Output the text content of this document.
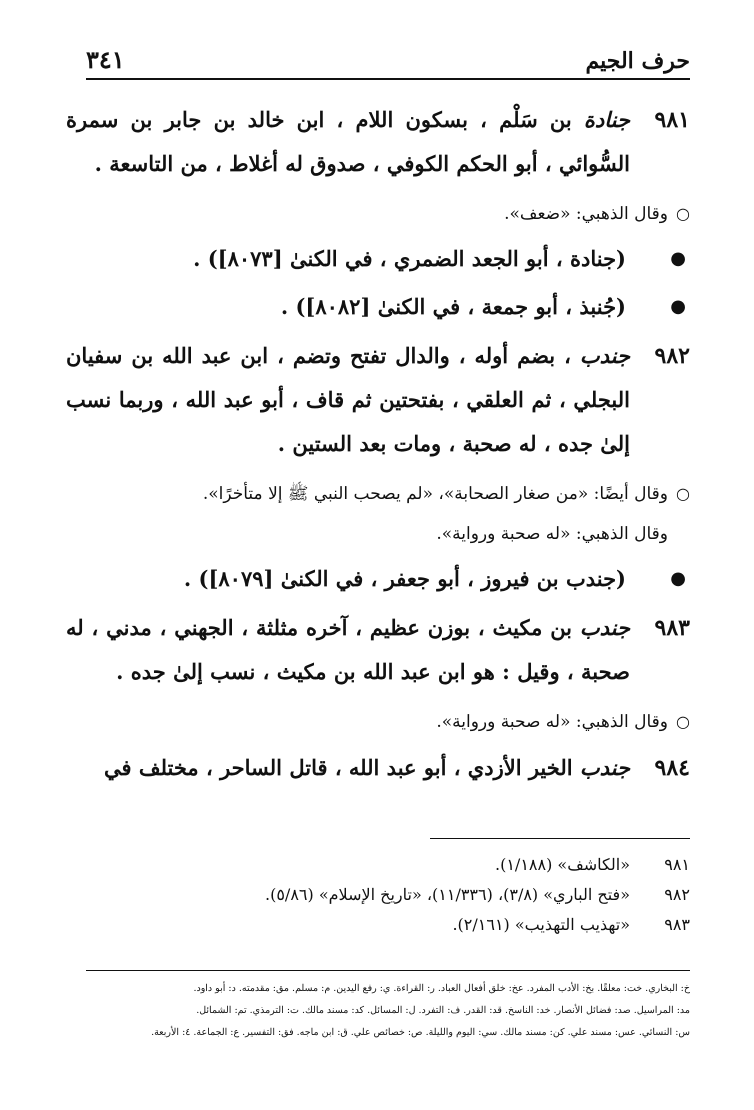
حرف الجيم
٣٤١
٩٨١
جنادة بن سَلْم ، بسكون اللام ، ابن خالد بن جابر بن سمرة السُّوائي ، أبو الحكم الكوفي ، صدوق له أغلاط ، من التاسعة .
○
وقال الذهبي: «ضعف».
●
(جنادة ، أبو الجعد الضمري ، في الكنىٰ [٨٠٧٣]) .
●
(جُنبذ ، أبو جمعة ، في الكنىٰ [٨٠٨٢]) .
٩٨٢
جندب ، بضم أوله ، والدال تفتح وتضم ، ابن عبد الله بن سفيان البجلي ، ثم العلقي ، بفتحتين ثم قاف ، أبو عبد الله ، وربما نسب إلىٰ جده ، له صحبة ، ومات بعد الستين .
○
وقال أيضًا: «من صغار الصحابة»، «لم يصحب النبي ﷺ إلا متأخرًا».
وقال الذهبي: «له صحبة ورواية».
●
(جندب بن فيروز ، أبو جعفر ، في الكنىٰ [٨٠٧٩]) .
٩٨٣
جندب بن مكيث ، بوزن عظيم ، آخره مثلثة ، الجهني ، مدني ، له صحبة ، وقيل : هو ابن عبد الله بن مكيث ، نسب إلىٰ جده .
○
وقال الذهبي: «له صحبة ورواية».
٩٨٤
جندب الخير الأزدي ، أبو عبد الله ، قاتل الساحر ، مختلف في
٩٨١
«الكاشف» (١/١٨٨).
٩٨٢
«فتح الباري» (٣/٨)، (١١/٣٣٦)، «تاريخ الإسلام» (٥/٨٦).
٩٨٣
«تهذيب التهذيب» (٢/١٦١).
خ: البخاري. خت: معلقًا. بخ: الأدب المفرد. عخ: خلق أفعال العباد. ر: القراءة. ي: رفع اليدين. م: مسلم. مق: مقدمته. د: أبو داود.
مد: المراسيل. صد: فضائل الأنصار. خد: الناسخ. قد: القدر. ف: التفرد. ل: المسائل. كد: مسند مالك. ت: الترمذي. تم: الشمائل.
س: النسائي. عس: مسند علي. كن: مسند مالك. سي: اليوم والليلة. ص: خصائص علي. ق: ابن ماجه. فق: التفسير. ع: الجماعة. ٤: الأربعة.
